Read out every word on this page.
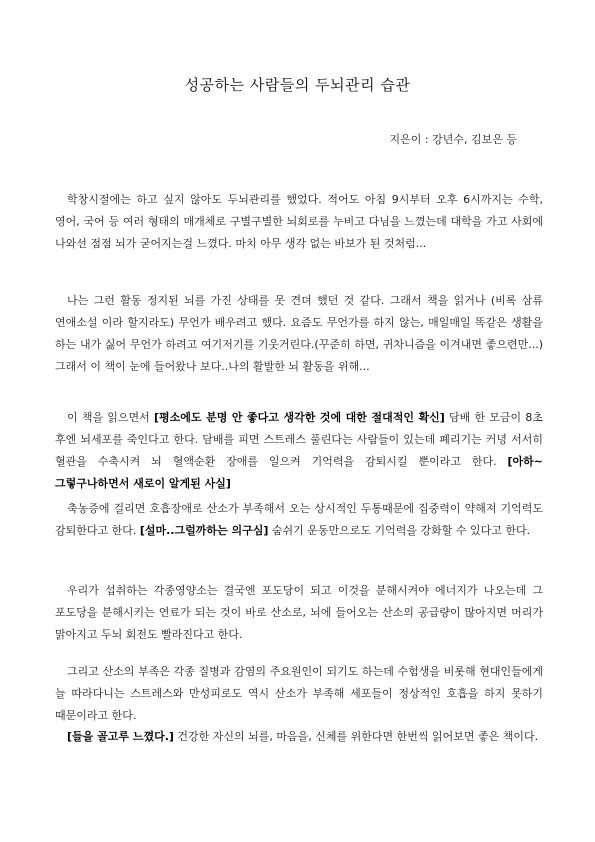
성공하는 사람들의 두뇌관리 습관
지은이 : 강년수, 김보은 등

학창시절에는 하고 싶지 않아도 두뇌관리를 했었다. 적어도 아침 9시부터 오후 6시까지는 수학, 영어, 국어 등 여러 형태의 매개체로 구별구별한 뇌회로를 누비고 다님을 느꼈는데 대학을 가고 사회에 나와선 점점 뇌가 굳어지는걸 느꼈다. 마치 아무 생각 없는 바보가 된 것처럼...

나는 그런 활동 정지된 뇌를 가진 상태를 못 견뎌 했던 것 같다. 그래서 책을 읽거나 (비록 삼류 연애소설 이라 할지라도) 무언가 배우려고 했다. 요즘도 무언가를 하지 않는, 매일매일 똑같은 생활을 하는 내가 싫어 무언가 하려고 여기저기를 기웃거린다.(꾸준히 하면, 귀차니즘을 이겨내면 좋으련만...) 그래서 이 책이 눈에 들어왔나 보다..나의 활발한 뇌 활동을 위해...

이 책을 읽으면서 [평소에도 분명 안 좋다고 생각한 것에 대한 절대적인 확신] 담배 한 모금이 8초 후엔 뇌세포를 죽인다고 한다. 담배를 피면 스트레스 풀린다는 사람들이 있는데 폐리기는 커녕 서서히 혈관을 수축시켜 뇌 혈액순환 장애를 일으켜 기억력을 감퇴시킬 뿐이라고 한다. [아하~ 그렇구나하면서 새로이 알게된 사실]

축농증에 걸리면 호흡장애로 산소가 부족해서 오는 상시적인 두통때문에 집중력이 약해져 기억력도 감퇴한다고 한다. [설마..그럴까하는 의구심] 숨쉬기 운동만으로도 기억력을 강화할 수 있다고 한다.

우리가 섭취하는 각종영양소는 결국엔 포도당이 되고 이것을 분해시켜야 에너지가 나오는데 그 포도당을 분해시키는 연료가 되는 것이 바로 산소로, 뇌에 들어오는 산소의 공급량이 많아지면 머리가 맑아지고 두뇌 회전도 빨라진다고 한다.

그리고 산소의 부족은 각종 질병과 감염의 주요원인이 되기도 하는데 수험생을 비롯해 현대인들에게 늘 따라다니는 스트레스와 만성피로도 역시 산소가 부족해 세포들이 정상적인 호흡을 하지 못하기 때문이라고 한다.

[들을 골고루 느꼈다.] 건강한 자신의 뇌를, 마음을, 신체를 위한다면 한번씩 읽어보면 좋은 책이다.
